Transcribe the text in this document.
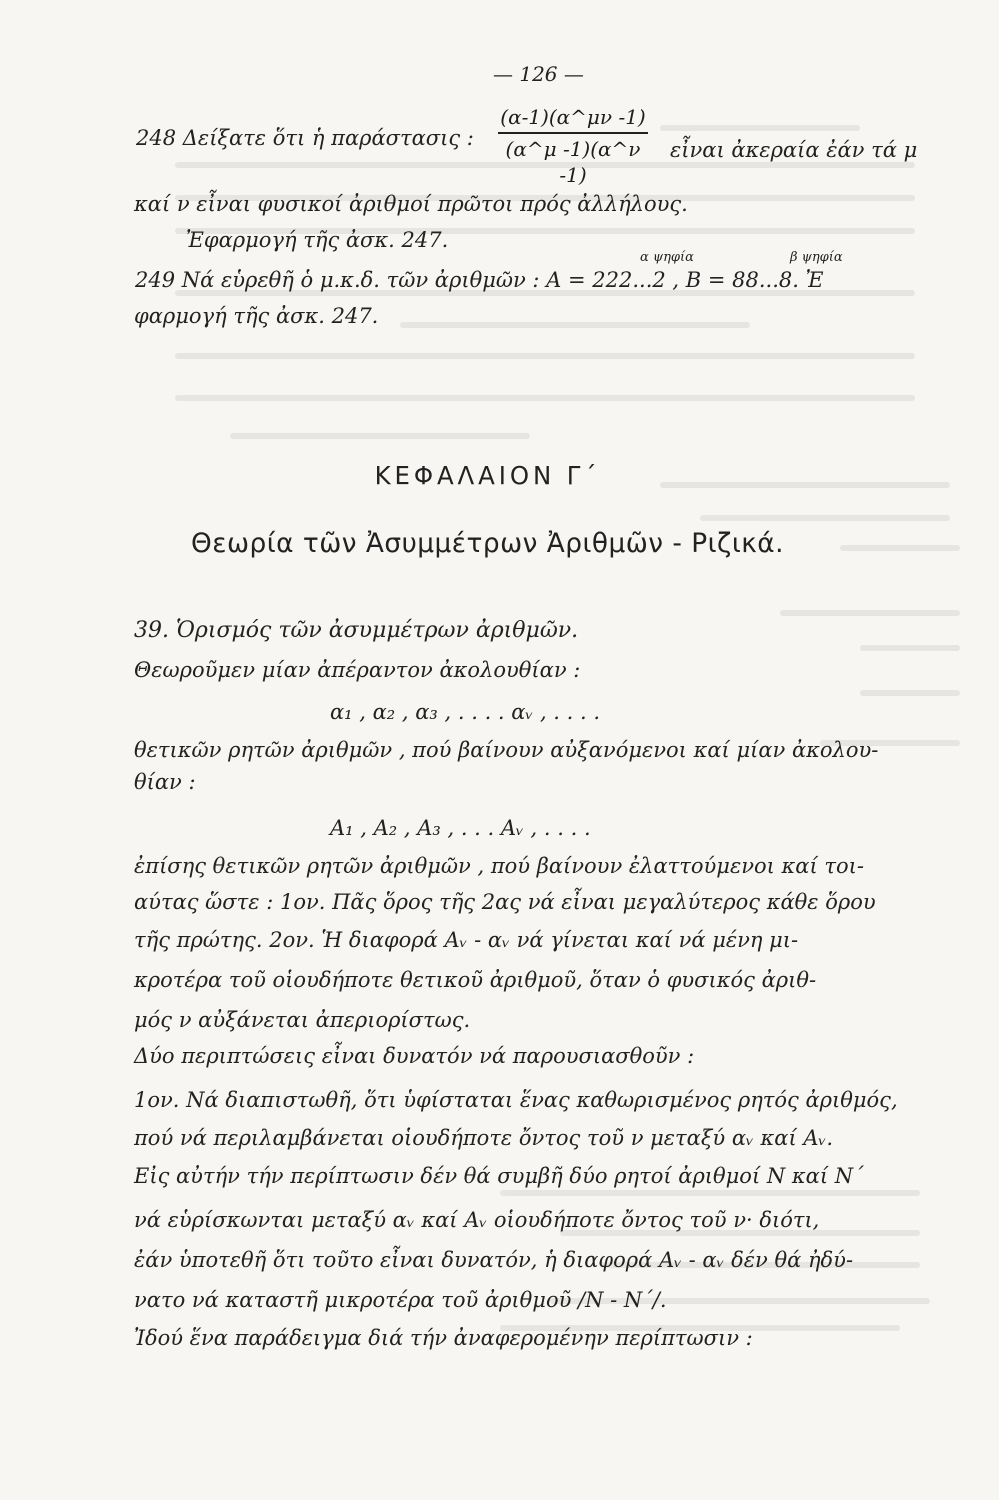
— 126 —
248 Δείξατε ὅτι ἡ παράστασις :
(α-1)(α^μν -1)
(α^μ -1)(α^ν -1)
εἶναι ἀκεραία ἐάν τά μ
καί ν εἶναι φυσικοί ἀριθμοί πρῶτοι πρός ἀλλήλους.
Ἐφαρμογή τῆς ἀσκ. 247.
α ψηφία	β ψηφία
249 Νά εὑρεθῆ ὁ μ.κ.δ. τῶν ἀριθμῶν : Α = 222...2 , Β = 88...8. Ἐ
φαρμογή τῆς ἀσκ. 247.
ΚΕΦΑΛΑΙΟΝ Γ΄
Θεωρία τῶν Ἀσυμμέτρων Ἀριθμῶν - Ριζικά.
39. Ὁρισμός τῶν ἀσυμμέτρων ἀριθμῶν.
Θεωροῦμεν μίαν ἀπέραντον ἀκολουθίαν :
α₁ , α₂ , α₃ , . . . . αᵥ , . . . .
θετικῶν ρητῶν ἀριθμῶν , πού βαίνουν αὐξανόμενοι καί μίαν ἀκολου-
θίαν :
Α₁ , Α₂ , Α₃ , . . . Αᵥ , . . . .
ἐπίσης θετικῶν ρητῶν ἀριθμῶν , πού βαίνουν ἐλαττούμενοι καί τοι-
αύτας ὥστε : 1ον. Πᾶς ὅρος τῆς 2ας νά εἶναι μεγαλύτερος κάθε ὅρου
τῆς πρώτης. 2ον. Ἡ διαφορά Αᵥ - αᵥ νά γίνεται καί νά μένη μι-
κροτέρα τοῦ οἱουδήποτε θετικοῦ ἀριθμοῦ, ὅταν ὁ φυσικός ἀριθ-
μός ν αὐξάνεται ἀπεριορίστως.
Δύο περιπτώσεις εἶναι δυνατόν νά παρουσιασθοῦν :
1ον. Νά διαπιστωθῆ, ὅτι ὑφίσταται ἕνας καθωρισμένος ρητός ἀριθμός,
πού νά περιλαμβάνεται οἱουδήποτε ὄντος τοῦ ν μεταξύ αᵥ καί Αᵥ.
Εἰς αὐτήν τήν περίπτωσιν δέν θά συμβῆ δύο ρητοί ἀριθμοί Ν καί Ν΄
νά εὑρίσκωνται μεταξύ αᵥ καί Αᵥ οἱουδήποτε ὄντος τοῦ ν· διότι,
ἐάν ὑποτεθῆ ὅτι τοῦτο εἶναι δυνατόν, ἡ διαφορά Αᵥ - αᵥ δέν θά ἠδύ-
νατο νά καταστῆ μικροτέρα τοῦ ἀριθμοῦ /Ν - Ν΄/.
Ἰδού ἕνα παράδειγμα διά τήν ἀναφερομένην περίπτωσιν :
